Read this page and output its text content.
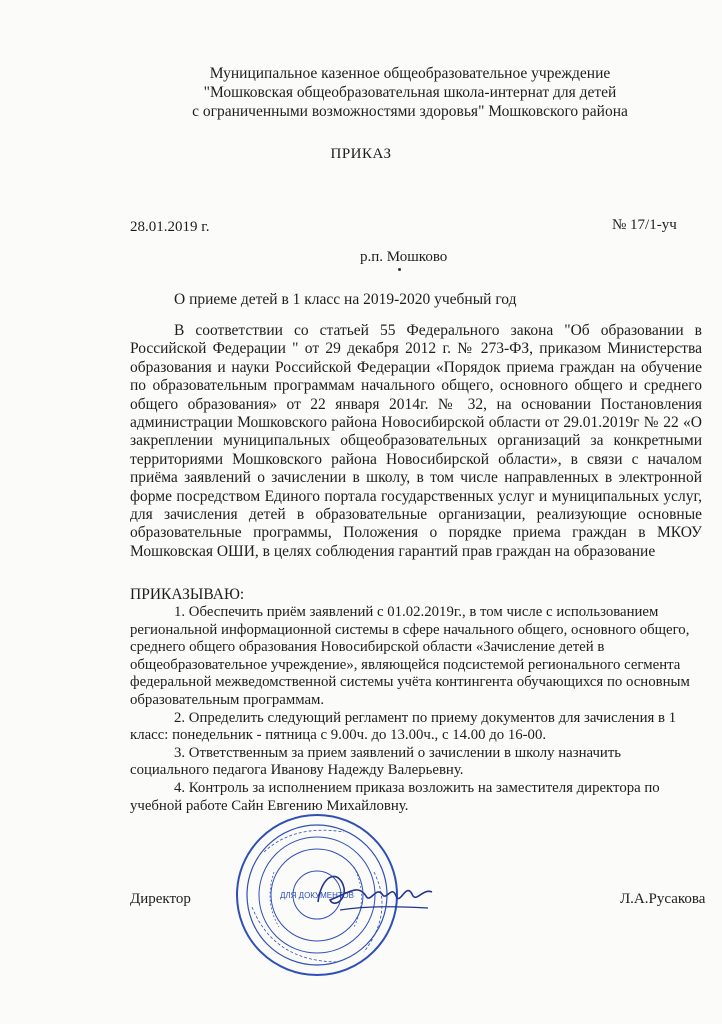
Муниципальное казенное общеобразовательное учреждение
"Мошковская общеобразовательная школа-интернат для детей
с ограниченными возможностями здоровья" Мошковского района
ПРИКАЗ
28.01.2019 г.	№ 17/1-уч
р.п. Мошково
О приеме детей в 1 класс на 2019-2020 учебный год

В соответствии со статьей 55 Федерального закона "Об образовании в Российской Федерации " от 29 декабря 2012 г. № 273-ФЗ, приказом Министерства образования и науки Российской Федерации «Порядок приема граждан на обучение по образовательным программам начального общего, основного общего и среднего общего образования» от 22 января 2014г. № 32, на основании Постановления администрации Мошковского района Новосибирской области от 29.01.2019г № 22 «О закреплении муниципальных общеобразовательных организаций за конкретными территориями Мошковского района Новосибирской области», в связи с началом приёма заявлений о зачислении в школу, в том числе направленных в электронной форме посредством Единого портала государственных услуг и муниципальных услуг, для зачисления детей в образовательные организации, реализующие основные образовательные программы, Положения о порядке приема граждан в МКОУ Мошковская ОШИ, в целях соблюдения гарантий прав граждан на образование

ПРИКАЗЫВАЮ:

1. Обеспечить приём заявлений с 01.02.2019г., в том числе с использованием региональной информационной системы в сфере начального общего, основного общего, среднего общего образования Новосибирской области «Зачисление детей в общеобразовательное учреждение», являющейся подсистемой регионального сегмента федеральной межведомственной системы учёта контингента обучающихся по основным образовательным программам.

2. Определить следующий регламент по приему документов для зачисления в 1 класс: понедельник - пятница с 9.00ч. до 13.00ч., с 14.00 до 16-00.

3. Ответственным за прием заявлений о зачислении в школу назначить социального педагога Иванову Надежду Валерьевну.

4. Контроль за исполнением приказа возложить на заместителя директора по учебной работе Сайн Евгению Михайловну.

Директор	Л.А.Русакова
ДЛЯ ДОКУМЕНТОВ
